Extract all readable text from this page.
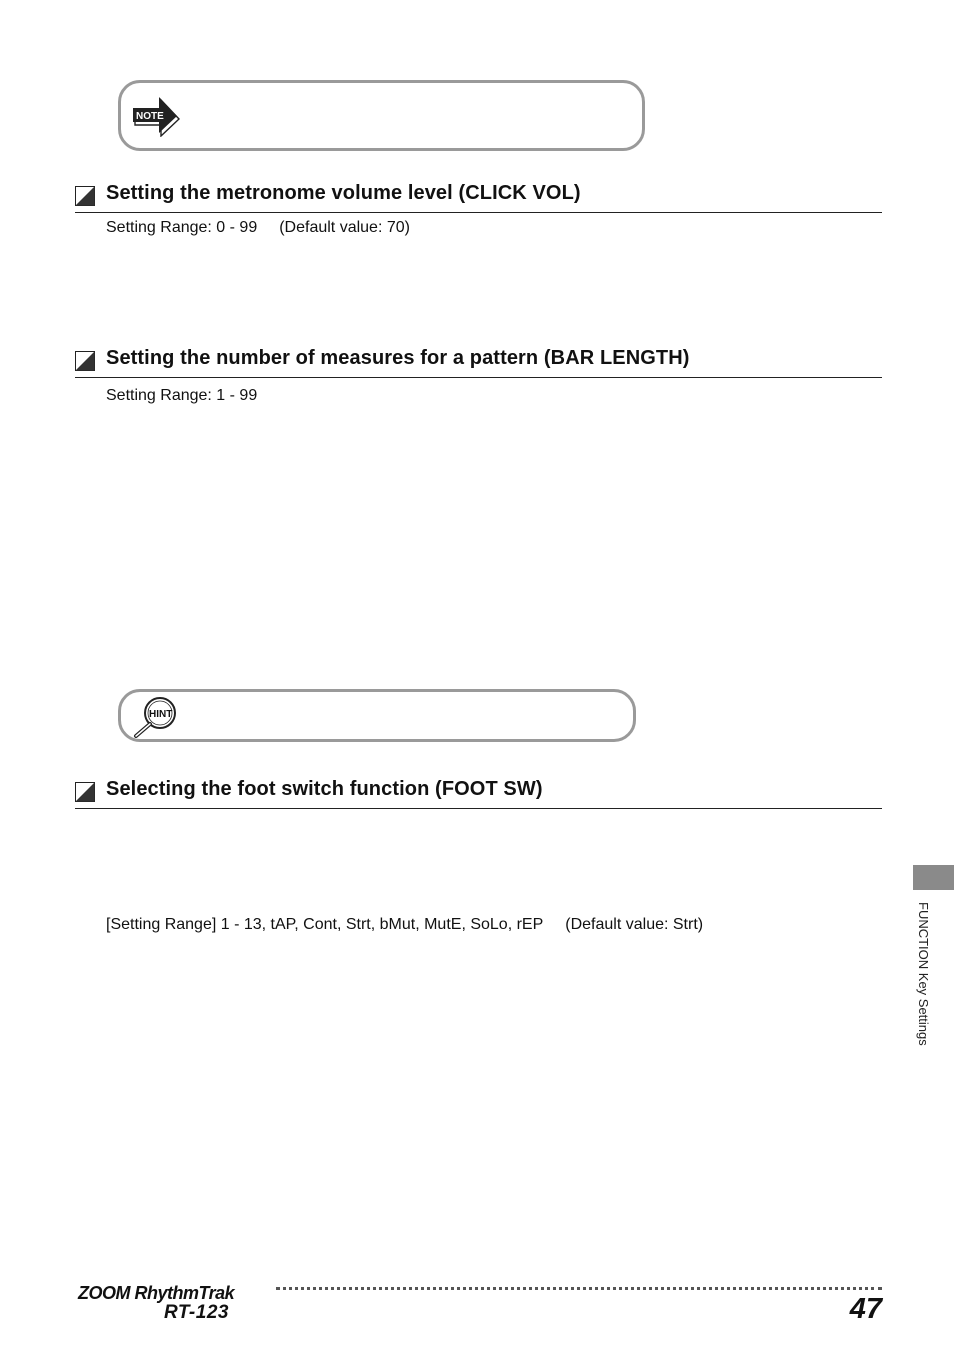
NOTE
Setting the metronome volume level (CLICK VOL)
Setting Range: 0 - 99 (Default value: 70)
Setting the number of measures for a pattern (BAR LENGTH)
Setting Range: 1 - 99
HINT
Selecting the foot switch function (FOOT SW)
[Setting Range] 1 - 13, tAP, Cont, Strt, bMut, MutE, SoLo, rEP (Default value: Strt)	FUNCTION Key Settings
ZOOM RhythmTrak
RT-123	47
